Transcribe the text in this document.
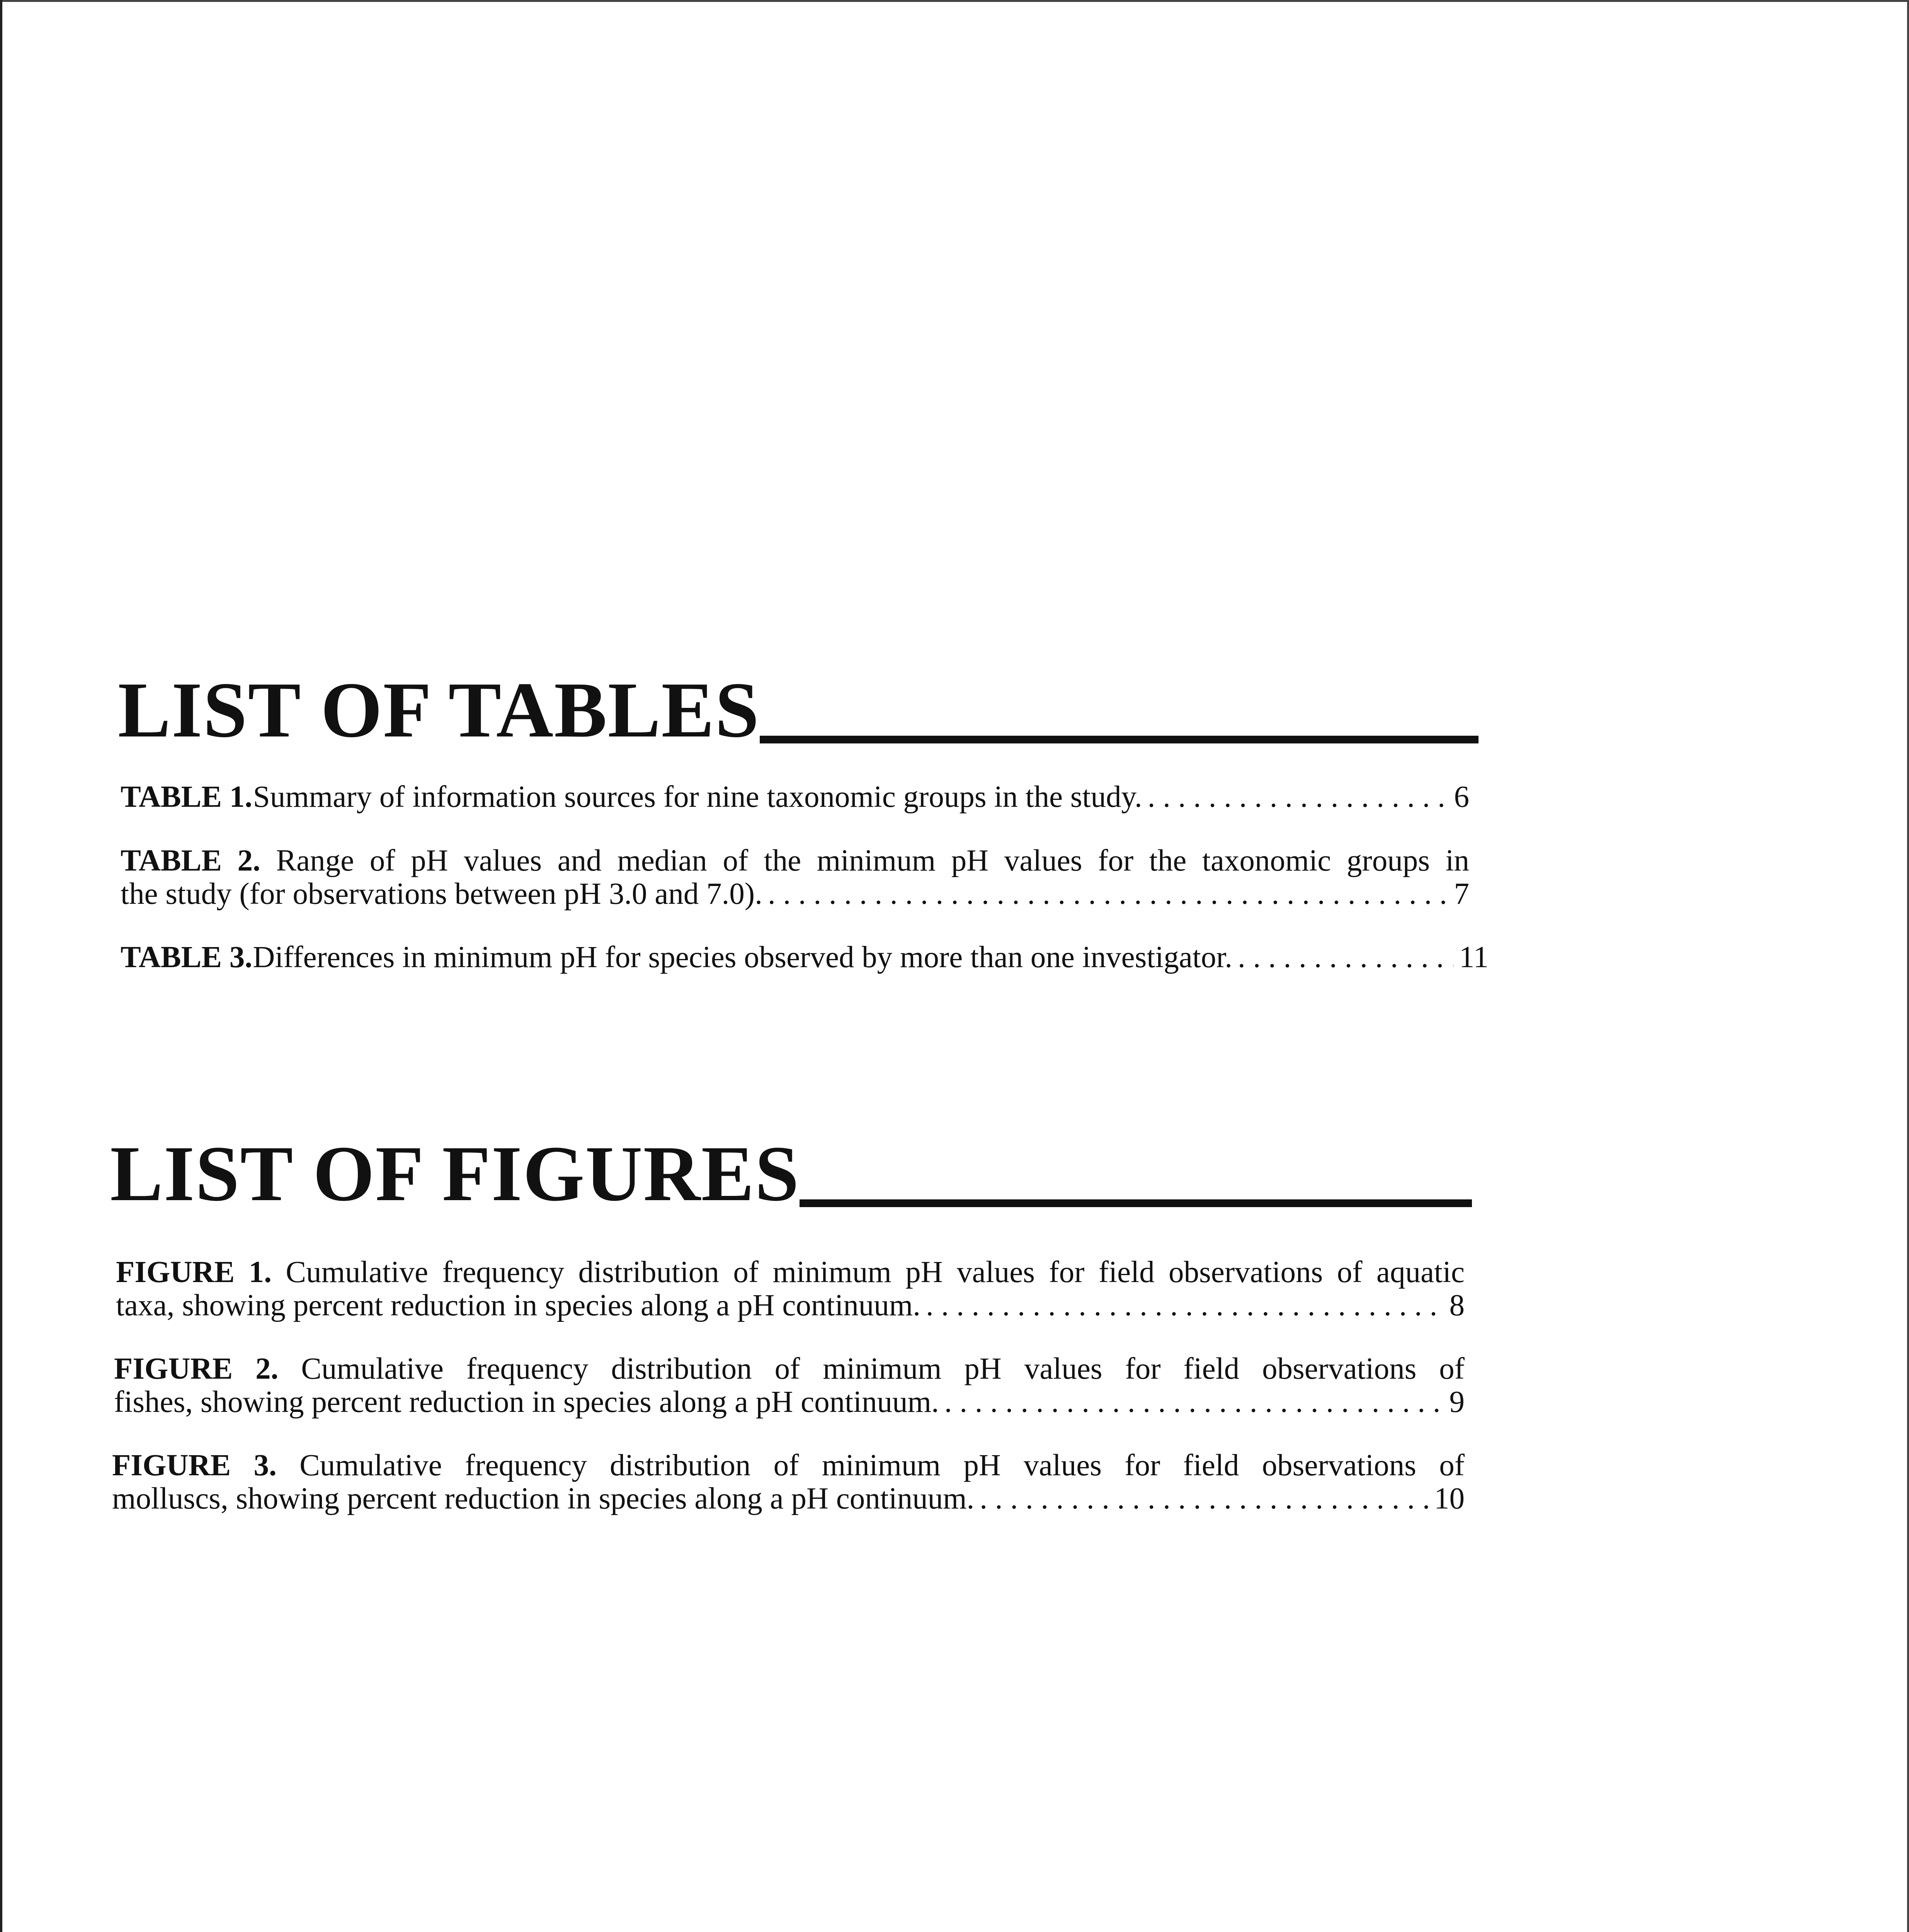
LIST OF TABLES
TABLE 1. Summary of information sources for nine taxonomic groups in the study. . . .	6
TABLE 2. Range of pH values and median of the minimum pH values for the taxonomic groups in
the study (for observations between pH 3.0 and 7.0). . . .	7
TABLE 3. Differences in minimum pH for species observed by more than one investigator. . . .	11
LIST OF FIGURES
FIGURE 1. Cumulative frequency distribution of minimum pH values for field observations of aquatic
taxa, showing percent reduction in species along a pH continuum. . . .	8
FIGURE 2. Cumulative frequency distribution of minimum pH values for field observations of
fishes, showing percent reduction in species along a pH continuum. . . .	9
FIGURE 3. Cumulative frequency distribution of minimum pH values for field observations of
molluscs, showing percent reduction in species along a pH continuum. . . .	10
